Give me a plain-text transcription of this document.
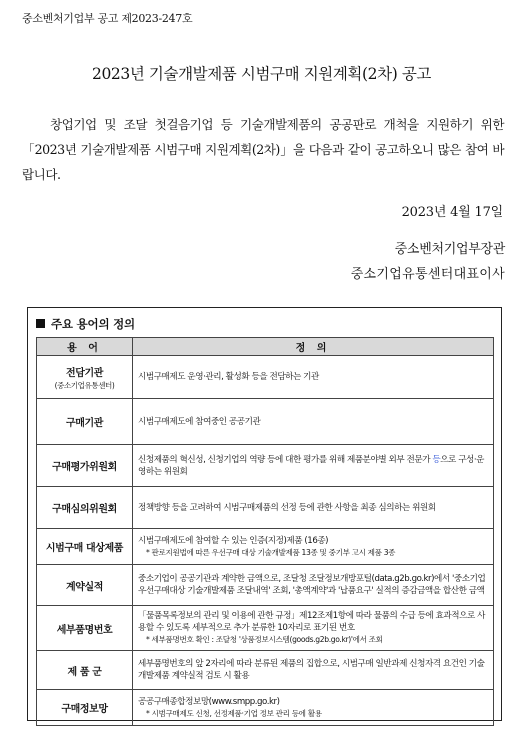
중소벤처기업부 공고 제2023-247호
2023년 기술개발제품 시범구매 지원계획(2차) 공고
창업기업 및 조달 첫걸음기업 등 기술개발제품의 공공판로 개척을 지원하기 위한 「2023년 기술개발제품 시범구매 지원계획(2차)」을 다음과 같이 공고하오니 많은 참여 바랍니다.
2023년 4월 17일
중소벤처기업부장관
중소기업유통센터대표이사
주요 용어의 정의
용 어	정 의
전담기관
(중소기업유통센터)	시범구매제도 운영·관리, 활성화 등을 전담하는 기관
구매기관	시범구매제도에 참여중인 공공기관
구매평가위원회	신청제품의 혁신성, 신청기업의 역량 등에 대한 평가를 위해 제품분야별 외부 전문가 등으로 구성·운영하는 위원회
구매심의위원회	정책방향 등을 고려하여 시범구매제품의 선정 등에 관한 사항을 최종 심의하는 위원회
시범구매 대상제품	시범구매제도에 참여할 수 있는 인증(지정)제품 (16종)
* 판로지원법에 따른 우선구매 대상 기술개발제품 13종 및 중기부 고시 제품 3종

계약실적	중소기업이 공공기관과 계약한 금액으로, 조달청 조달정보개방포털(data.g2b.go.kr)에서 '중소기업 우선구매대상 기술개발제품 조달내역' 조회, '총액계약'과 '납품요구' 실적의 증감금액을 합산한 금액
세부품명번호	「물품목록정보의 관리 및 이용에 관한 규정」제12조제1항에 따라 물품의 수급 등에 효과적으로 사용할 수 있도록 세부적으로 추가 분류한 10자리로 표기된 번호
* 세부품명번호 확인 : 조달청 '상품정보시스템(goods.g2b.go.kr)'에서 조회

제 품 군	세부품명번호의 앞 2자리에 따라 분류된 제품의 집합으로, 시범구매 일반과제 신청자격 요건인 기술개발제품 계약실적 검토 시 활용
구매정보망	공공구매종합정보망(www.smpp.go.kr)
* 시범구매제도 신청, 선정제품·기업 정보 관리 등에 활용
